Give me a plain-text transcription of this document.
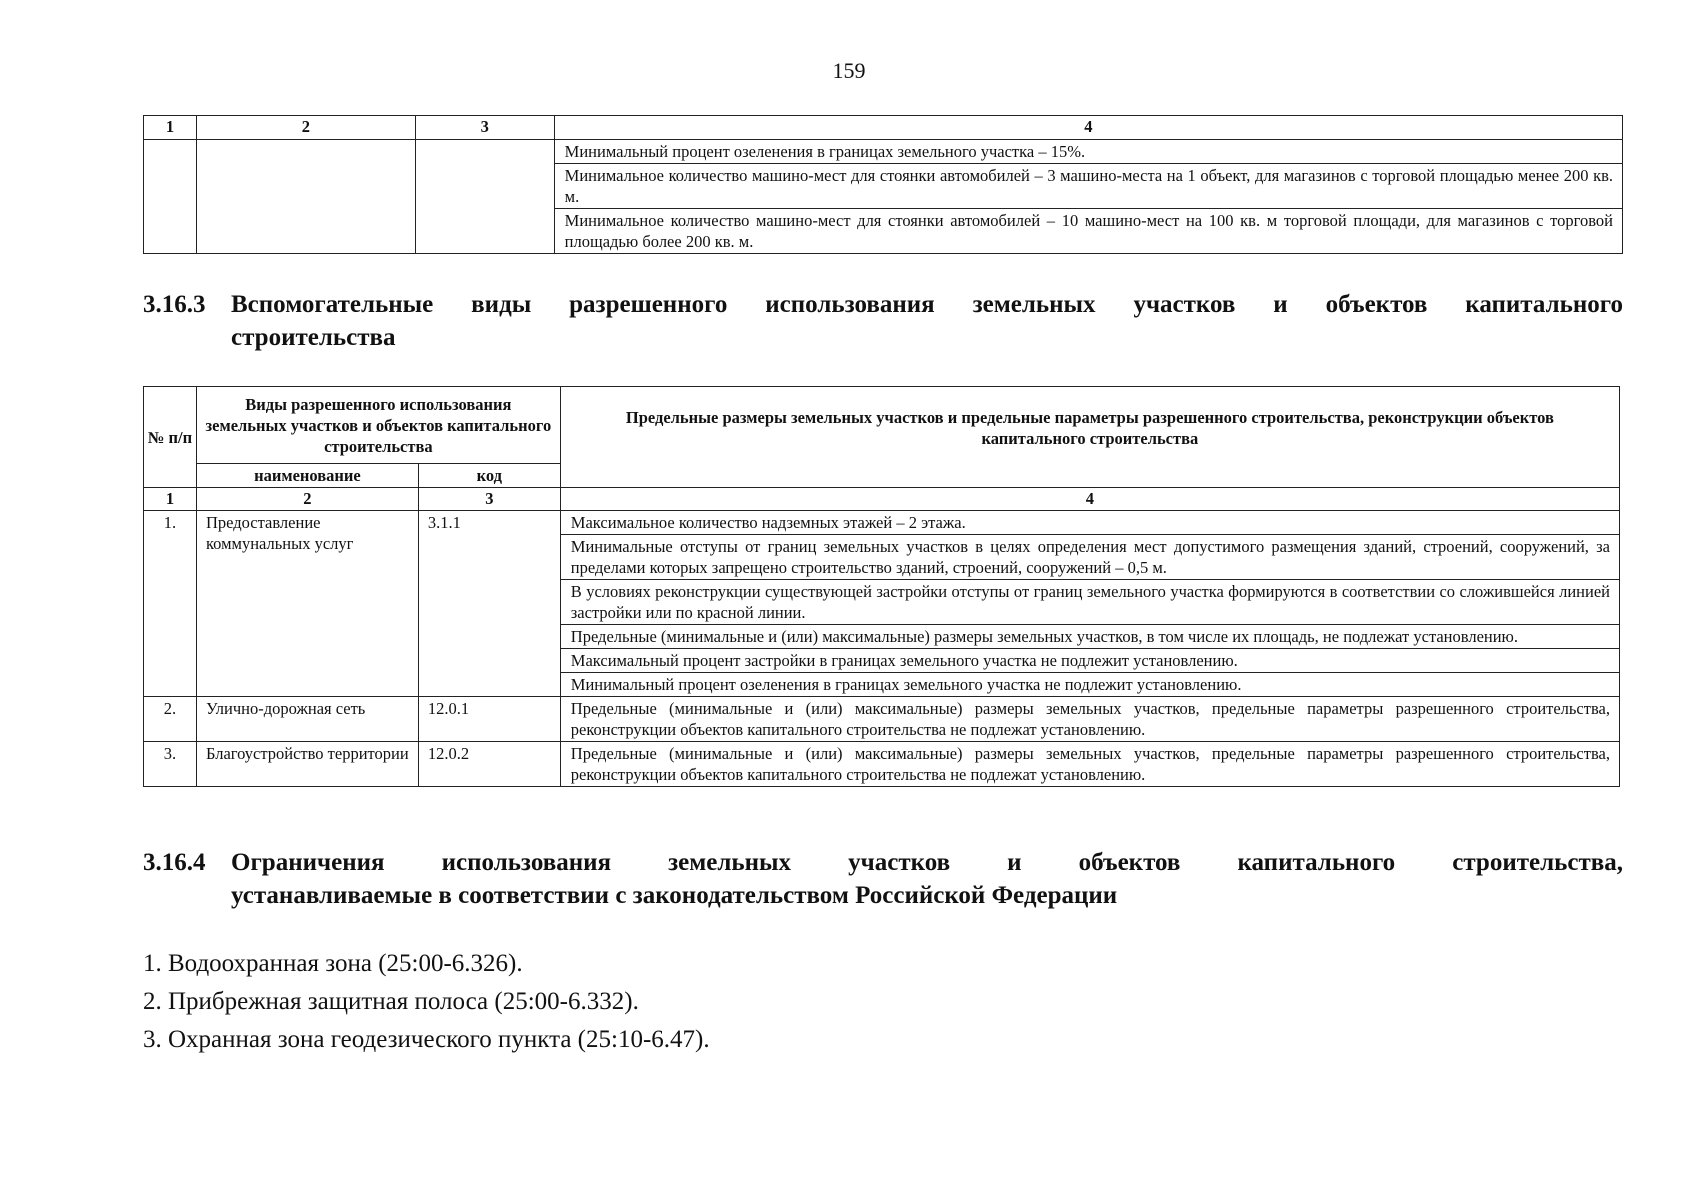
159
1	2	3	4
			Минимальный процент озеленения в границах земельного участка – 15%.
			Минимальное количество машино-мест для стоянки автомобилей – 3 машино-места на 1 объект, для магазинов с торговой площадью менее 200 кв. м.
			Минимальное количество машино-мест для стоянки автомобилей – 10 машино-мест на 100 кв. м торговой площади, для магазинов с торговой площадью более 200 кв. м.
3.16.3 Вспомогательные виды разрешенного использования земельных участков и объектов капитального
строительства
№ п/п	Виды разрешенного использования земельных участков и объектов капитального строительства		Предельные размеры земельных участков и предельные параметры разрешенного строительства, реконструкции объектов капитального строительства
	наименование	код	
1	2	3	4
1.	Предоставление коммунальных услуг	3.1.1	Максимальное количество надземных этажей – 2 этажа.
			Минимальные отступы от границ земельных участков в целях определения мест допустимого размещения зданий, строений, сооружений, за пределами которых запрещено строительство зданий, строений, сооружений – 0,5 м.
			В условиях реконструкции существующей застройки отступы от границ земельного участка формируются в соответствии со сложившейся линией застройки или по красной линии.
			Предельные (минимальные и (или) максимальные) размеры земельных участков, в том числе их площадь, не подлежат установлению.
			Максимальный процент застройки в границах земельного участка не подлежит установлению.
			Минимальный процент озеленения в границах земельного участка не подлежит установлению.
2.	Улично-дорожная сеть	12.0.1	Предельные (минимальные и (или) максимальные) размеры земельных участков, предельные параметры разрешенного строительства, реконструкции объектов капитального строительства не подлежат установлению.
3.	Благоустройство территории	12.0.2	Предельные (минимальные и (или) максимальные) размеры земельных участков, предельные параметры разрешенного строительства, реконструкции объектов капитального строительства не подлежат установлению.
3.16.4 Ограничения использования земельных участков и объектов капитального строительства,
устанавливаемые в соответствии с законодательством Российской Федерации
1. Водоохранная зона (25:00-6.326).
2. Прибрежная защитная полоса (25:00-6.332).
3. Охранная зона геодезического пункта (25:10-6.47).
